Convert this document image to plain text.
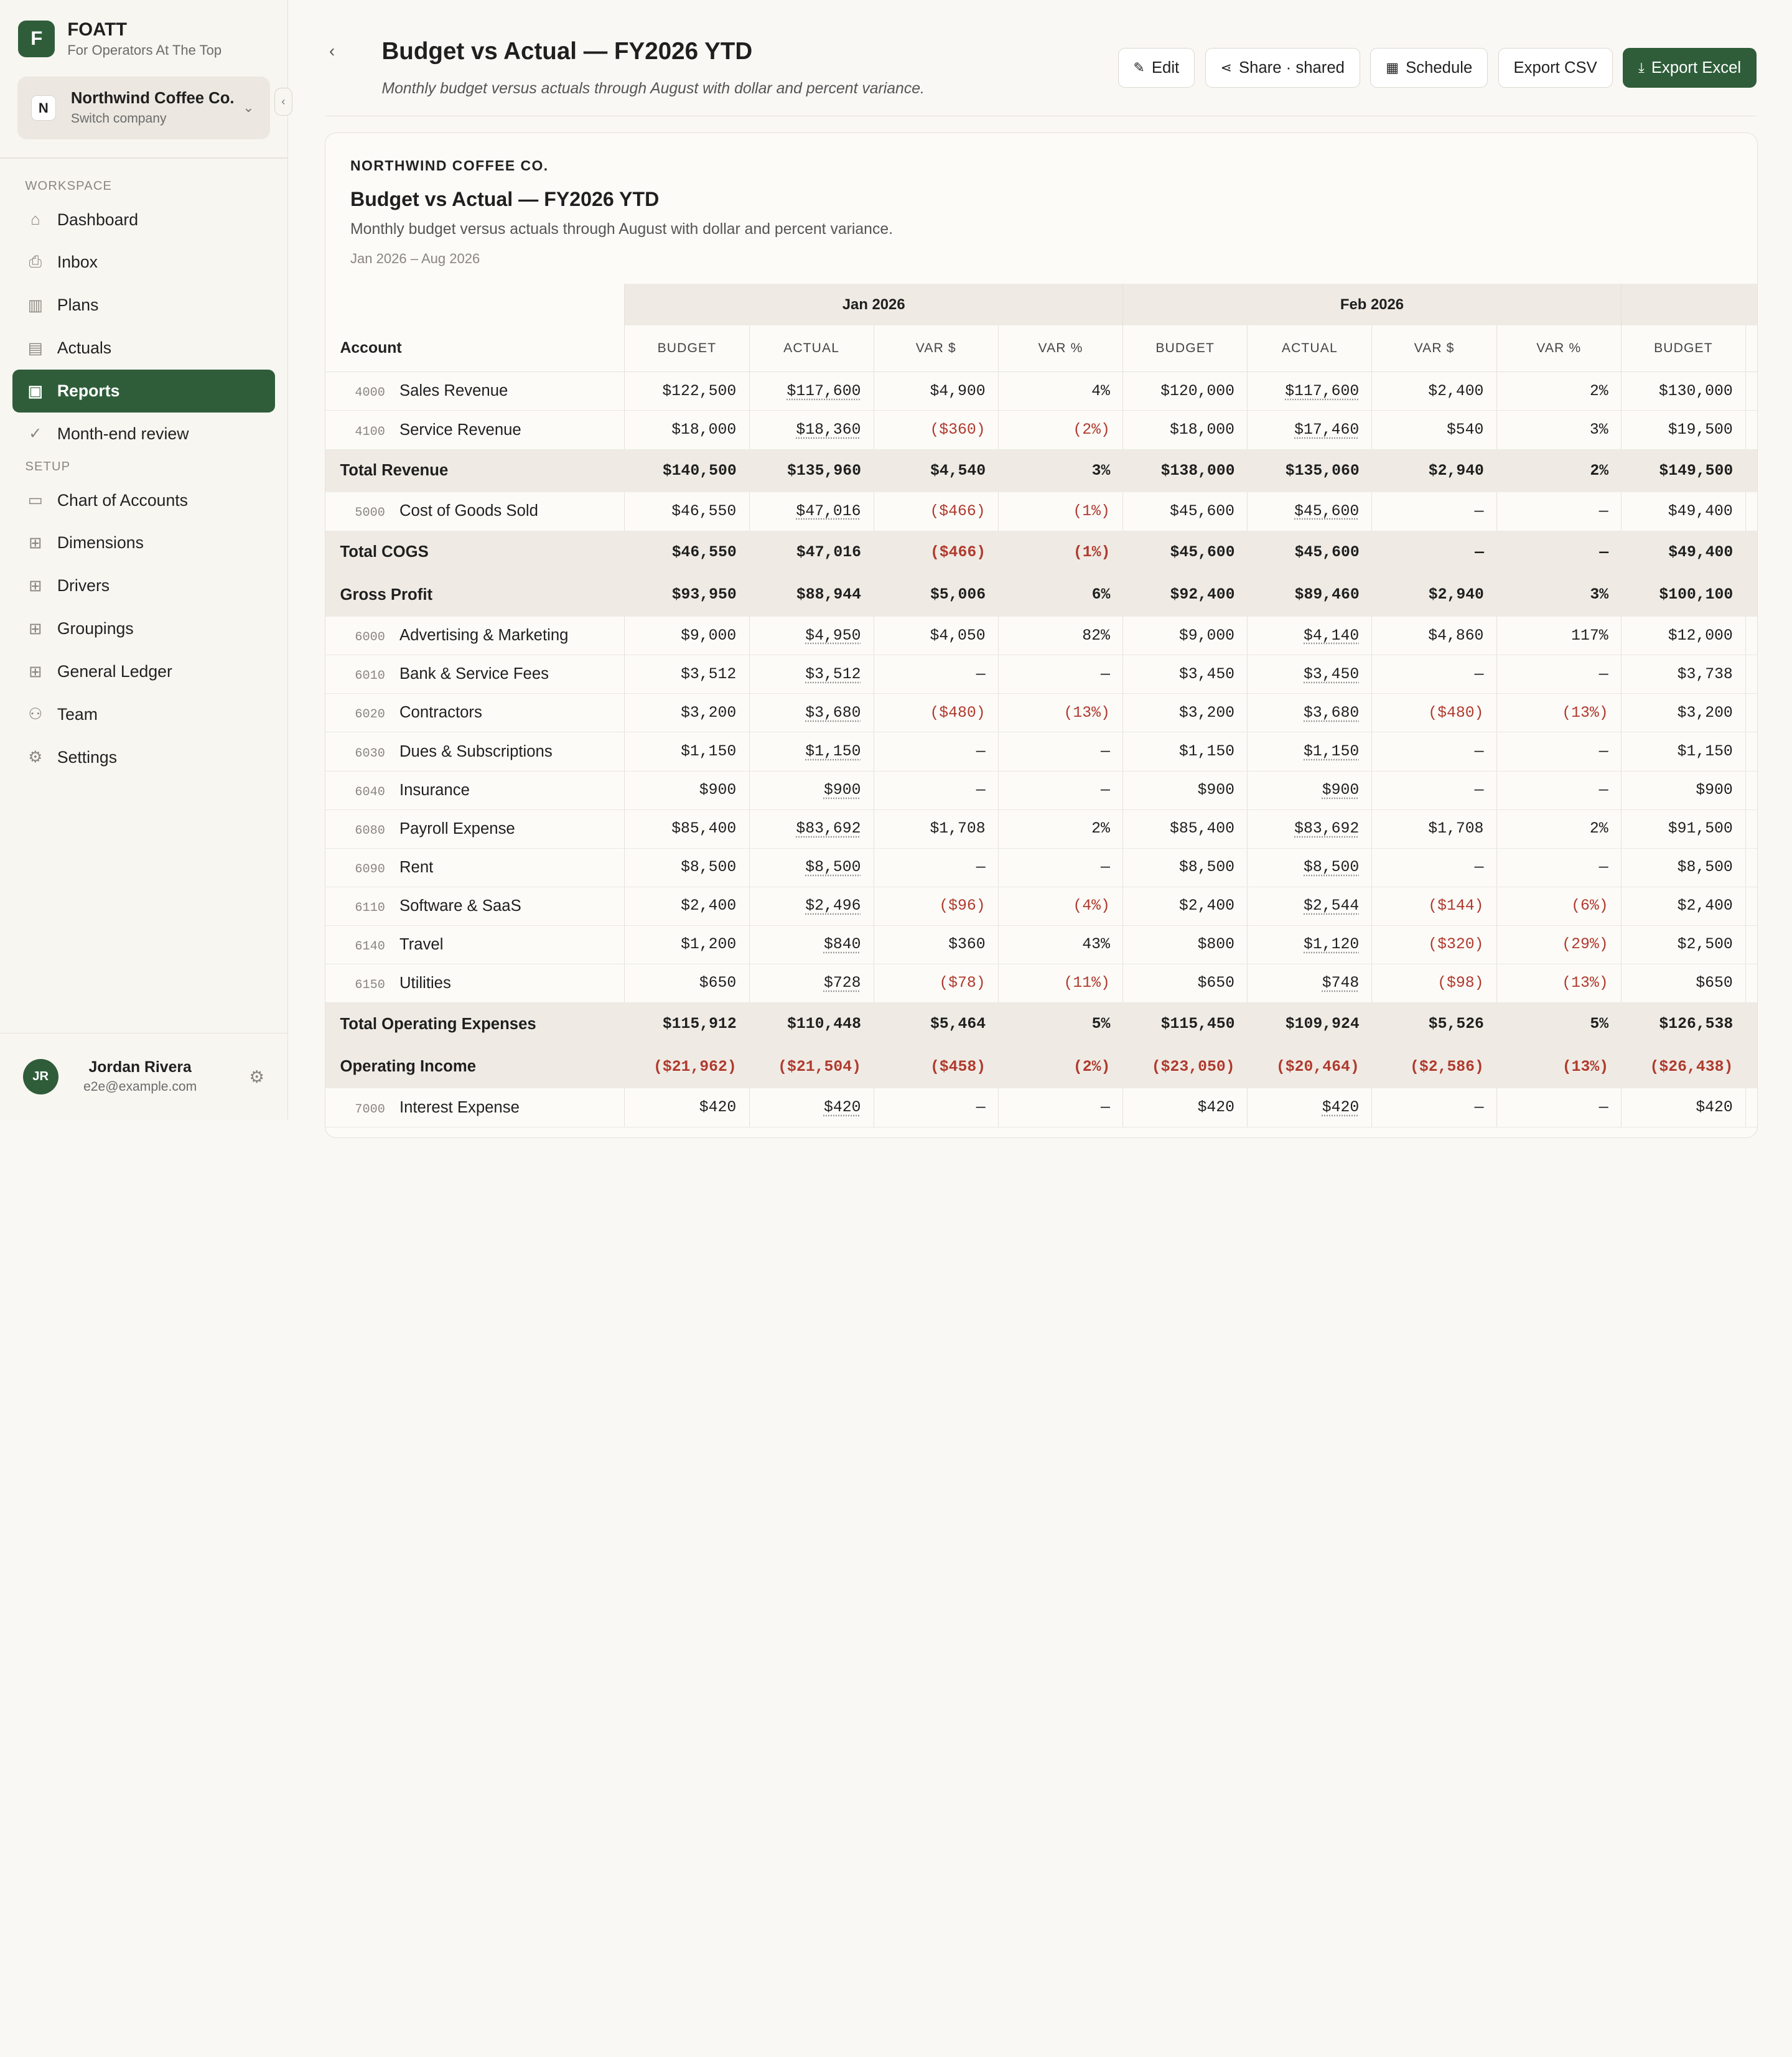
F	FOATT
For Operators At The Top
N
Northwind Coffee Co.
Switch company
⌄	‹
WORKSPACE
⌂	Dashboard
⎙	Inbox
▥	Plans
▤	Actuals
▣	Reports
✓	Month-end review
SETUP
▭	Chart of Accounts
⊞	Dimensions
⊞	Drivers
⊞	Groupings
⊞	General Ledger
⚇	Team
⚙	Settings
JR
Jordan Rivera
e2e@example.com
⚙
‹	Budget vs Actual — FY2026 YTD
Monthly budget versus actuals through August with dollar and percent variance.
✎ Edit	⋖ Share · shared	▦ Schedule	Export CSV	⤓ Export Excel
NORTHWIND COFFEE CO.
Budget vs Actual — FY2026 YTD
Monthly budget versus actuals through August with dollar and percent variance.
Jan 2026 – Aug 2026
	Jan 2026				Feb 2026					
Account	BUDGET	ACTUAL	VAR $	VAR %	BUDGET	ACTUAL	VAR $	VAR %	BUDGET	
4000 Sales Revenue	$122,500	$117,600	$4,900	4%	$120,000	$117,600	$2,400	2%	$130,000	
4100 Service Revenue	$18,000	$18,360	($360)	(2%)	$18,000	$17,460	$540	3%	$19,500	
Total Revenue	$140,500	$135,960	$4,540	3%	$138,000	$135,060	$2,940	2%	$149,500	
5000 Cost of Goods Sold	$46,550	$47,016	($466)	(1%)	$45,600	$45,600	—	—	$49,400	
Total COGS	$46,550	$47,016	($466)	(1%)	$45,600	$45,600	—	—	$49,400	
Gross Profit	$93,950	$88,944	$5,006	6%	$92,400	$89,460	$2,940	3%	$100,100	
6000 Advertising & Marketing	$9,000	$4,950	$4,050	82%	$9,000	$4,140	$4,860	117%	$12,000	
6010 Bank & Service Fees	$3,512	$3,512	—	—	$3,450	$3,450	—	—	$3,738	
6020 Contractors	$3,200	$3,680	($480)	(13%)	$3,200	$3,680	($480)	(13%)	$3,200	
6030 Dues & Subscriptions	$1,150	$1,150	—	—	$1,150	$1,150	—	—	$1,150	
6040 Insurance	$900	$900	—	—	$900	$900	—	—	$900	
6080 Payroll Expense	$85,400	$83,692	$1,708	2%	$85,400	$83,692	$1,708	2%	$91,500	
6090 Rent	$8,500	$8,500	—	—	$8,500	$8,500	—	—	$8,500	
6110 Software & SaaS	$2,400	$2,496	($96)	(4%)	$2,400	$2,544	($144)	(6%)	$2,400	
6140 Travel	$1,200	$840	$360	43%	$800	$1,120	($320)	(29%)	$2,500	
6150 Utilities	$650	$728	($78)	(11%)	$650	$748	($98)	(13%)	$650	
Total Operating Expenses	$115,912	$110,448	$5,464	5%	$115,450	$109,924	$5,526	5%	$126,538	
Operating Income	($21,962)	($21,504)	($458)	(2%)	($23,050)	($20,464)	($2,586)	(13%)	($26,438)	
7000 Interest Expense	$420	$420	—	—	$420	$420	—	—	$420	
